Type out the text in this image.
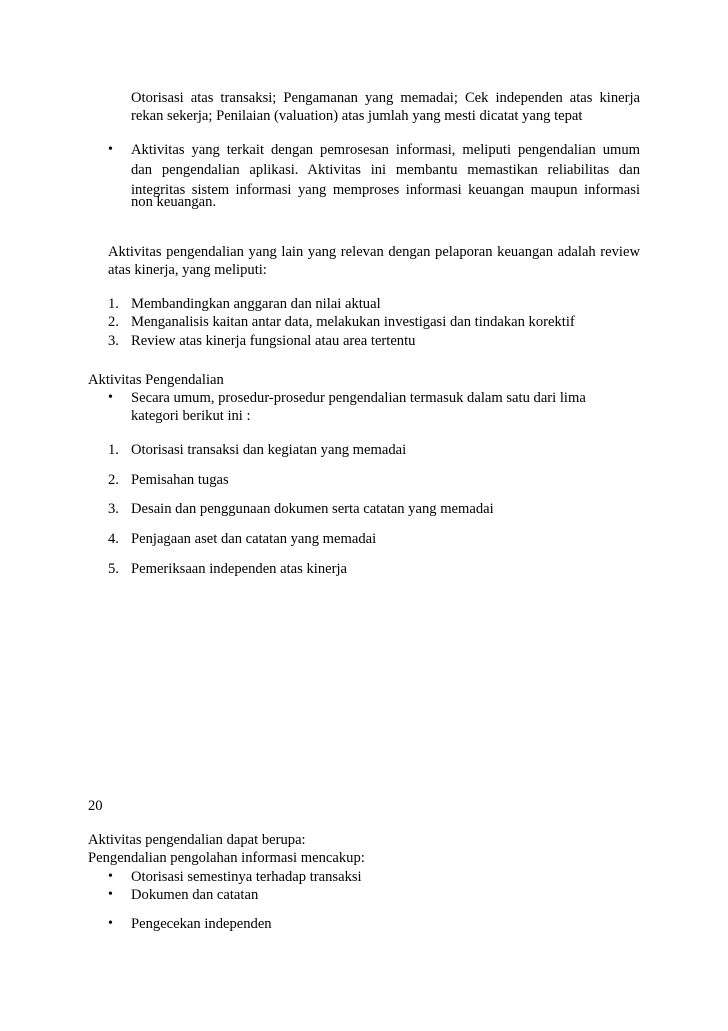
Otorisasi atas transaksi; Pengamanan yang memadai; Cek independen atas kinerja
rekan sekerja; Penilaian (valuation) atas jumlah yang mesti dicatat yang tepat
• Aktivitas yang terkait dengan pemrosesan informasi, meliputi pengendalian umum
dan pengendalian aplikasi. Aktivitas ini membantu memastikan reliabilitas dan
integritas sistem informasi yang memproses informasi keuangan maupun informasi
non keuangan.
Aktivitas pengendalian yang lain yang relevan dengan pelaporan keuangan adalah review
atas kinerja, yang meliputi:
1. Membandingkan anggaran dan nilai aktual
2. Menganalisis kaitan antar data, melakukan investigasi dan tindakan korektif
3. Review atas kinerja fungsional atau area tertentu
Aktivitas Pengendalian
• Secara umum, prosedur-prosedur pengendalian termasuk dalam satu dari lima
kategori berikut ini :
1. Otorisasi transaksi dan kegiatan yang memadai
2. Pemisahan tugas
3. Desain dan penggunaan dokumen serta catatan yang memadai
4. Penjagaan aset dan catatan yang memadai
5. Pemeriksaan independen atas kinerja
20
Aktivitas pengendalian dapat berupa:
Pengendalian pengolahan informasi mencakup:
• Otorisasi semestinya terhadap transaksi
• Dokumen dan catatan
• Pengecekan independen
